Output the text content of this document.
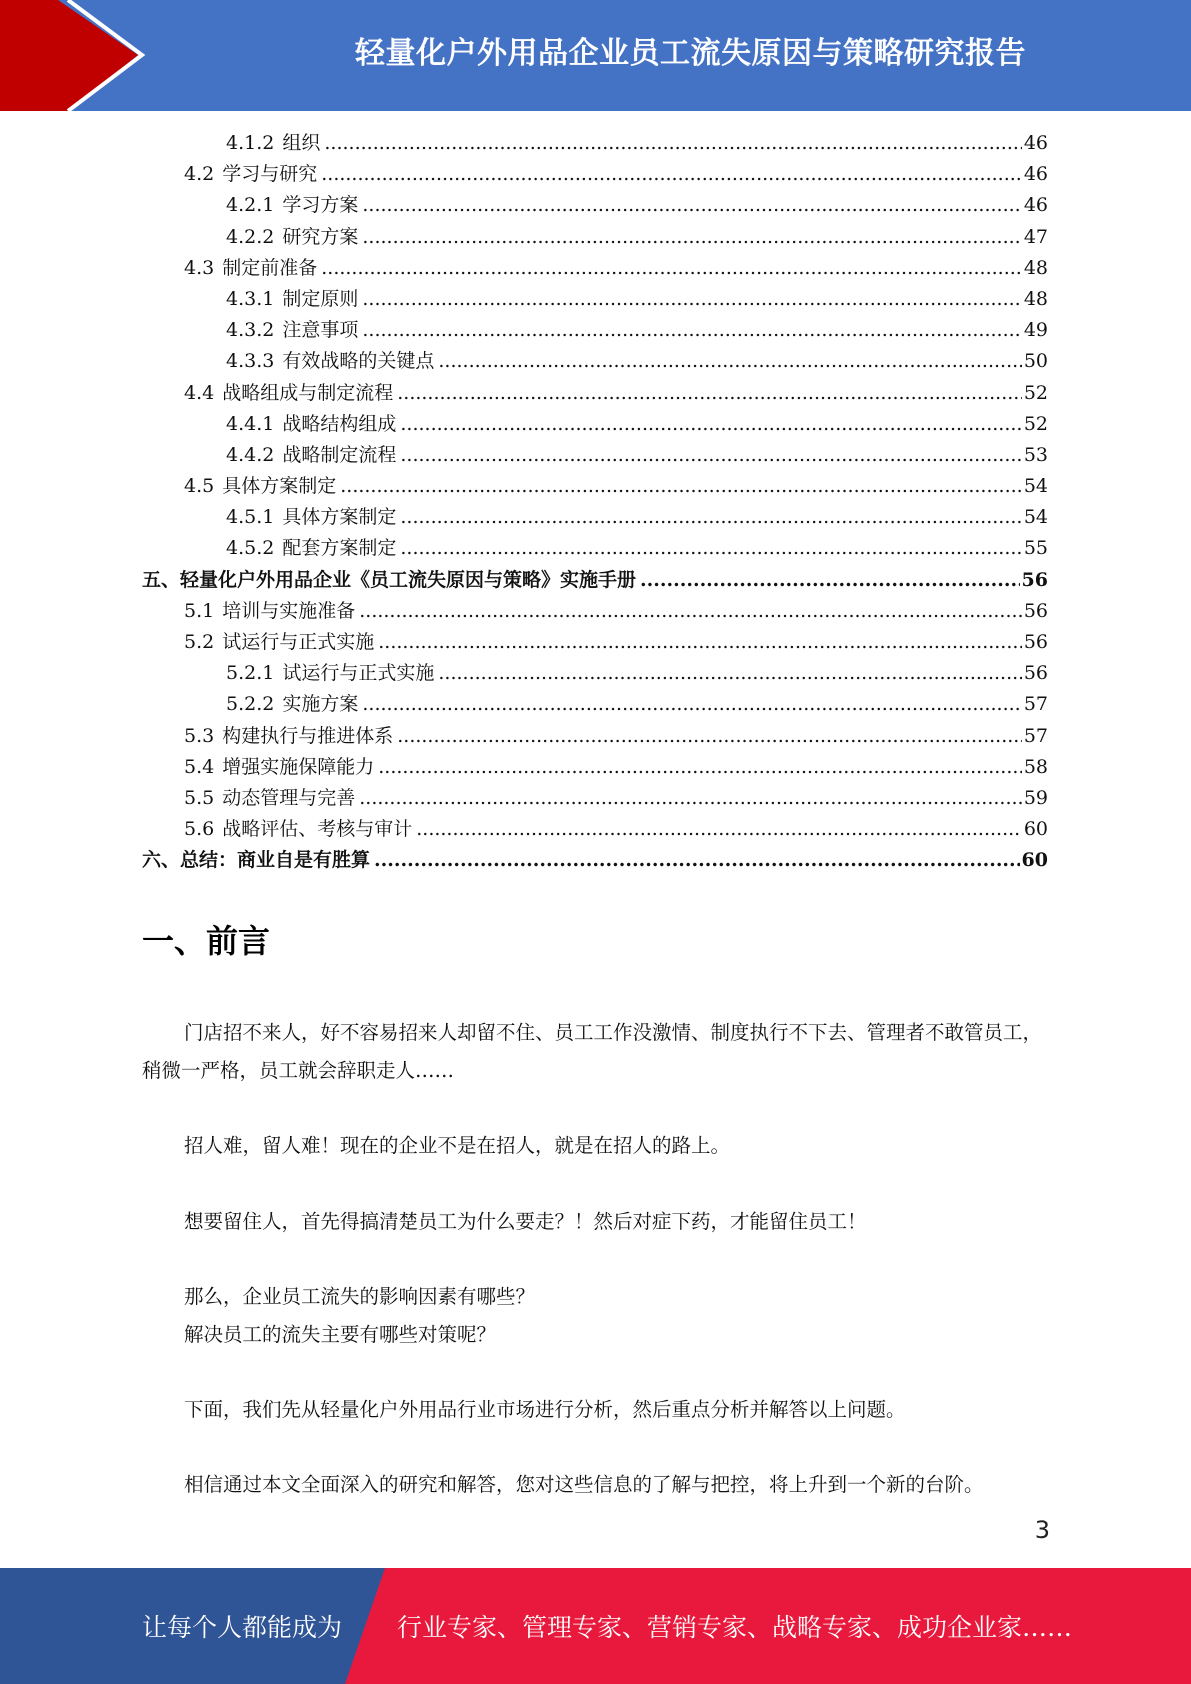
轻量化户外用品企业员工流失原因与策略研究报告
4.1.2 组织 .....	46
4.2 学习与研究 .....	46
4.2.1 学习方案 .....	46
4.2.2 研究方案 .....	47
4.3 制定前准备 .....	48
4.3.1 制定原则 .....	48
4.3.2 注意事项 .....	49
4.3.3 有效战略的关键点 .....	50
4.4 战略组成与制定流程 .....	52
4.4.1 战略结构组成 .....	52
4.4.2 战略制定流程 .....	53
4.5 具体方案制定 .....	54
4.5.1 具体方案制定 .....	54
4.5.2 配套方案制定 .....	55
五、 轻量化户外用品企业《员工流失原因与策略》实施手册 .....	56
5.1 培训与实施准备 .....	56
5.2 试运行与正式实施 .....	56
5.2.1 试运行与正式实施 .....	56
5.2.2 实施方案 .....	57
5.3 构建执行与推进体系 .....	57
5.4 增强实施保障能力 .....	58
5.5 动态管理与完善 .....	59
5.6 战略评估、考核与审计 .....	60
六、 总结：商业自是有胜算 .....	60
一、前言

门店招不来人，好不容易招来人却留不住、员工工作没激情、制度执行不下去、管理者不敢管员工，稍微一严格，员工就会辞职走人……

招人难，留人难！现在的企业不是在招人，就是在招人的路上。

想要留住人，首先得搞清楚员工为什么要走？！然后对症下药，才能留住员工！

那么，企业员工流失的影响因素有哪些？

解决员工的流失主要有哪些对策呢？

下面，我们先从轻量化户外用品行业市场进行分析，然后重点分析并解答以上问题。

相信通过本文全面深入的研究和解答，您对这些信息的了解与把控，将上升到一个新的台阶。

3
让每个人都能成为 行业专家、管理专家、营销专家、战略专家、成功企业家……
